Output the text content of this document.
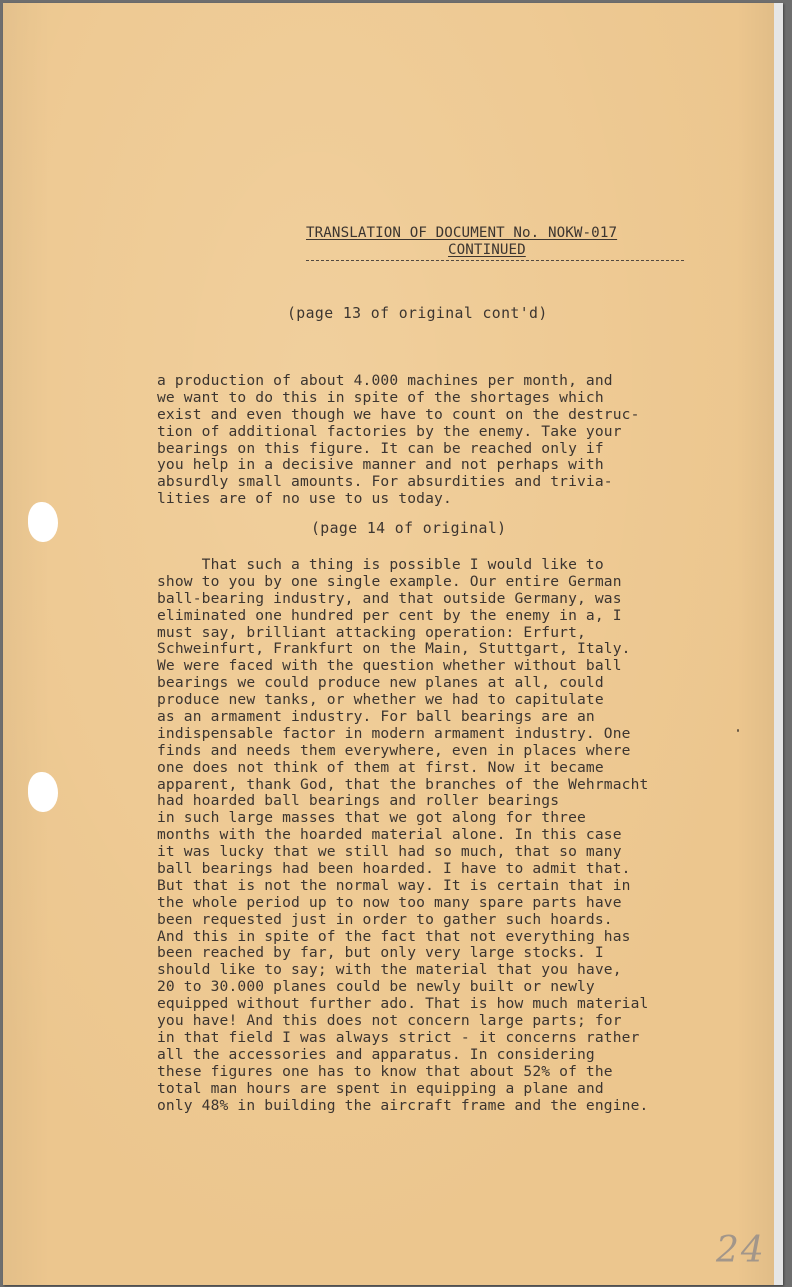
TRANSLATION OF DOCUMENT No. NOKW-017
CONTINUED
(page 13 of original cont'd)
a production of about 4.000 machines per month, and
we want to do this in spite of the shortages which
exist and even though we have to count on the destruc-
tion of additional factories by the enemy. Take your
bearings on this figure. It can be reached only if
you help in a decisive manner and not perhaps with
absurdly small amounts. For absurdities and trivia-
lities are of no use to us today.
(page 14 of original)
That such a thing is possible I would like to
show to you by one single example. Our entire German
ball-bearing industry, and that outside Germany, was
eliminated one hundred per cent by the enemy in a, I
must say, brilliant attacking operation: Erfurt,
Schweinfurt, Frankfurt on the Main, Stuttgart, Italy.
We were faced with the question whether without ball
bearings we could produce new planes at all, could
produce new tanks, or whether we had to capitulate
as an armament industry. For ball bearings are an
indispensable factor in modern armament industry. One
finds and needs them everywhere, even in places where
one does not think of them at first. Now it became
apparent, thank God, that the branches of the Wehrmacht
had hoarded ball bearings and roller bearings
in such large masses that we got along for three
months with the hoarded material alone. In this case
it was lucky that we still had so much, that so many
ball bearings had been hoarded. I have to admit that.
But that is not the normal way. It is certain that in
the whole period up to now too many spare parts have
been requested just in order to gather such hoards.
And this in spite of the fact that not everything has
been reached by far, but only very large stocks. I
should like to say; with the material that you have,
20 to 30.000 planes could be newly built or newly
equipped without further ado. That is how much material
you have! And this does not concern large parts; for
in that field I was always strict - it concerns rather
all the accessories and apparatus. In considering
these figures one has to know that about 52% of the
total man hours are spent in equipping a plane and
only 48% in building the aircraft frame and the engine.
24
